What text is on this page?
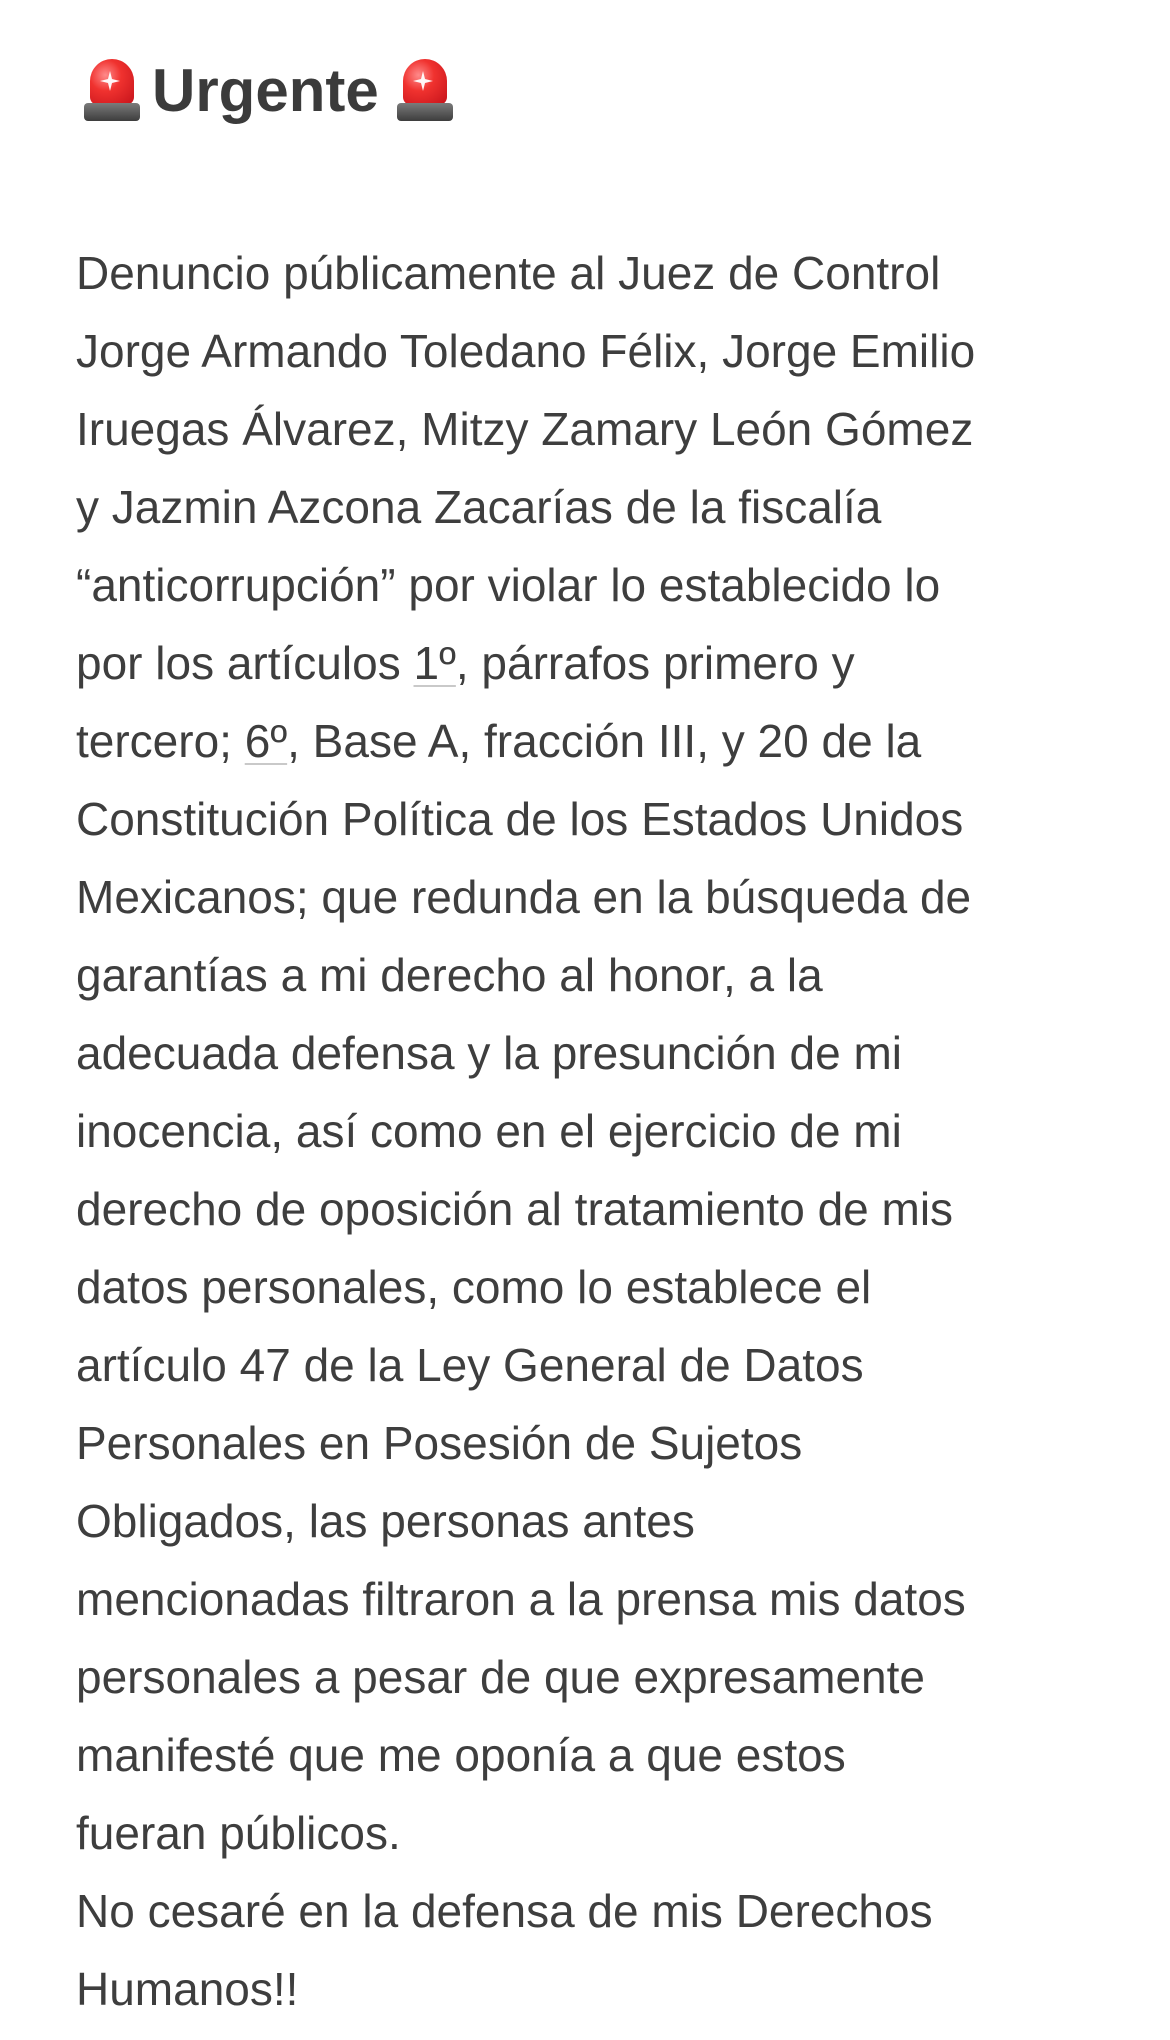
Urgente

Denuncio públicamente al Juez de Control
Jorge Armando Toledano Félix, Jorge Emilio
Iruegas Álvarez, Mitzy Zamary León Gómez
y Jazmin Azcona Zacarías de la fiscalía
“anticorrupción” por violar lo establecido lo
por los artículos 1º, párrafos primero y
tercero; 6º, Base A, fracción III, y 20 de la
Constitución Política de los Estados Unidos
Mexicanos; que redunda en la búsqueda de
garantías a mi derecho al honor, a la
adecuada defensa y la presunción de mi
inocencia, así como en el ejercicio de mi
derecho de oposición al tratamiento de mis
datos personales, como lo establece el
artículo 47 de la Ley General de Datos
Personales en Posesión de Sujetos
Obligados, las personas antes
mencionadas filtraron a la prensa mis datos
personales a pesar de que expresamente
manifesté que me oponía a que estos
fueran públicos.
No cesaré en la defensa de mis Derechos
Humanos!!
